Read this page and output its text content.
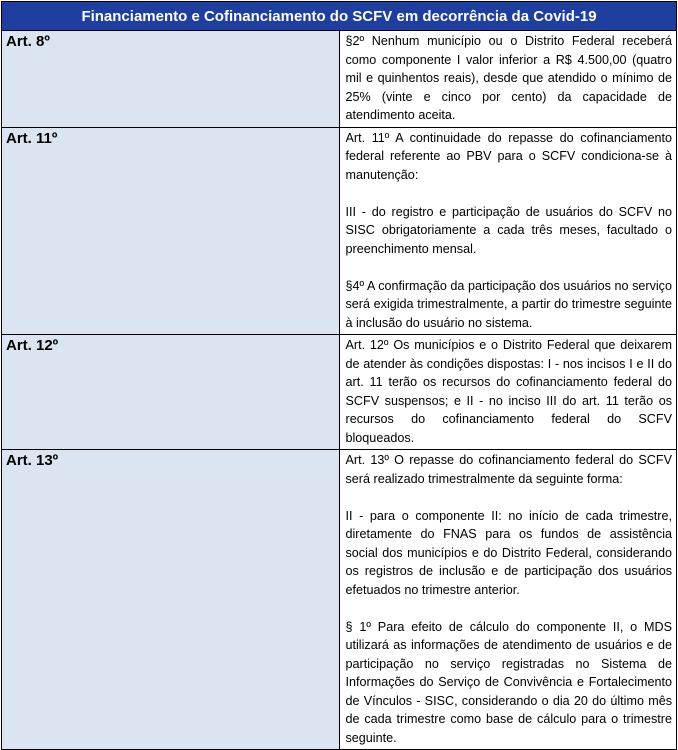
Financiamento e Cofinanciamento do SCFV em decorrência da Covid-19	
Art. 8º	§2º Nenhum município ou o Distrito Federal receberá como componente I valor inferior a R$ 4.500,00 (quatro mil e quinhentos reais), desde que atendido o mínimo de 25% (vinte e cinco por cento) da capacidade de atendimento aceita.

Art. 11º	Art. 11º A continuidade do repasse do cofinanciamento federal referente ao PBV para o SCFV condiciona-se à manutenção:

III - do registro e participação de usuários do SCFV no SISC obrigatoriamente a cada três meses, facultado o preenchimento mensal.

§4º A confirmação da participação dos usuários no serviço será exigida trimestralmente, a partir do trimestre seguinte à inclusão do usuário no sistema.

Art. 12º	Art. 12º Os municípios e o Distrito Federal que deixarem de atender às condições dispostas: I - nos incisos I e II do art. 11 terão os recursos do cofinanciamento federal do SCFV suspensos; e II - no inciso III do art. 11 terão os recursos do cofinanciamento federal do SCFV bloqueados.

Art. 13º	Art. 13º O repasse do cofinanciamento federal do SCFV será realizado trimestralmente da seguinte forma:

II - para o componente II: no início de cada trimestre, diretamente do FNAS para os fundos de assistência social dos municípios e do Distrito Federal, considerando os registros de inclusão e de participação dos usuários efetuados no trimestre anterior.

§ 1º Para efeito de cálculo do componente II, o MDS utilizará as informações de atendimento de usuários e de participação no serviço registradas no Sistema de Informações do Serviço de Convivência e Fortalecimento de Vínculos - SISC, considerando o dia 20 do último mês de cada trimestre como base de cálculo para o trimestre seguinte.
